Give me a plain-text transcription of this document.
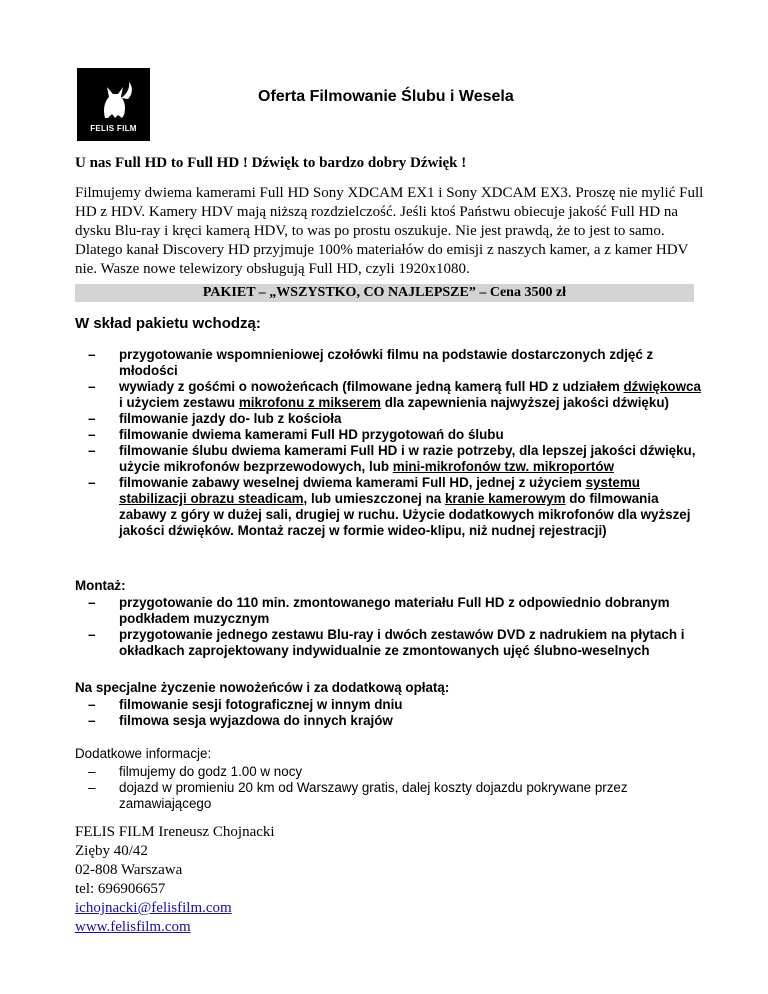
FELIS FILM
Oferta Filmowanie Ślubu i Wesela
U nas Full HD to Full HD ! Dźwięk to bardzo dobry Dźwięk !
Filmujemy dwiema kamerami Full HD Sony XDCAM EX1 i Sony XDCAM EX3. Proszę nie mylić Full HD z HDV. Kamery HDV mają niższą rozdzielczość. Jeśli ktoś Państwu obiecuje jakość Full HD na dysku Blu-ray i kręci kamerą HDV, to was po prostu oszukuje. Nie jest prawdą, że to jest to samo. Dlatego kanał Discovery HD przyjmuje 100% materiałów do emisji z naszych kamer, a z kamer HDV nie. Wasze nowe telewizory obsługują Full HD, czyli 1920x1080.
PAKIET – „WSZYSTKO, CO NAJLEPSZE” – Cena 3500 zł
W skład pakietu wchodzą:
– przygotowanie wspomnieniowej czołówki filmu na podstawie dostarczonych zdjęć z młodości
– wywiady z gośćmi o nowożeńcach (filmowane jedną kamerą full HD z udziałem dźwiękowca i użyciem zestawu mikrofonu z mikserem dla zapewnienia najwyższej jakości dźwięku)
– filmowanie jazdy do- lub z kościoła
– filmowanie dwiema kamerami Full HD przygotowań do ślubu
– filmowanie ślubu dwiema kamerami Full HD i w razie potrzeby, dla lepszej jakości dźwięku, użycie mikrofonów bezprzewodowych, lub mini-mikrofonów tzw. mikroportów
– filmowanie zabawy weselnej dwiema kamerami Full HD, jednej z użyciem systemu stabilizacji obrazu steadicam, lub umieszczonej na kranie kamerowym do filmowania zabawy z góry w dużej sali, drugiej w ruchu. Użycie dodatkowych mikrofonów dla wyższej jakości dźwięków. Montaż raczej w formie wideo-klipu, niż nudnej rejestracji)
Montaż:
– przygotowanie do 110 min. zmontowanego materiału Full HD z odpowiednio dobranym podkładem muzycznym
– przygotowanie jednego zestawu Blu-ray i dwóch zestawów DVD z nadrukiem na płytach i okładkach zaprojektowany indywidualnie ze zmontowanych ujęć ślubno-weselnych
Na specjalne życzenie nowożeńców i za dodatkową opłatą:
– filmowanie sesji fotograficznej w innym dniu
– filmowa sesja wyjazdowa do innych krajów
Dodatkowe informacje:
– filmujemy do godz 1.00 w nocy
– dojazd w promieniu 20 km od Warszawy gratis, dalej koszty dojazdu pokrywane przez zamawiającego
FELIS FILM Ireneusz Chojnacki
Zięby 40/42
02-808 Warszawa
tel: 696906657
ichojnacki@felisfilm.com
www.felisfilm.com
